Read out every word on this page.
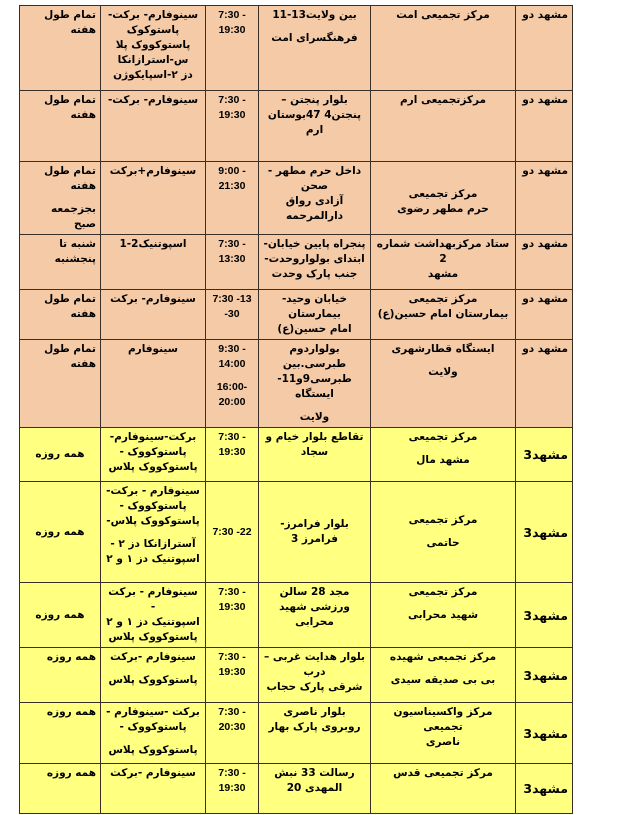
تمام طول
هفته	سینوفارم- برکت-
پاستوکوک
پاستوکووک پلا
س-استرازانکا
دز ۲-اسپایکوژن	7:30 -
19:30	بین ولایت13-11
فرهنگسرای امت	مرکز تجمیعی امت	مشهد دو

تمام طول
هفته	سینوفارم- برکت-	7:30 -
19:30	بلوار پنجتن –
پنجتن4 47بوستان
ارم	مرکزتجمیعی ارم	مشهد دو

تمام طول هفته
بجزجمعه
صبح	سینوفارم+برکت	9:00 -
21:30	داخل حرم مطهر -
صحن
آزادی رواق
دارالمرحمه	مرکز تجمیعی
حرم مطهر رضوی	مشهد دو

شنبه تا
پنجشنبه	اسپوتنیک2-1	7:30 -
13:30	پنجراه پایین خیابان-
ابتدای بولواروحدت-
جنب پارک وحدت	ستاد مرکزبهداشت شماره 2
مشهد	مشهد دو

تمام طول
هفته	سینوفارم- برکت	7:30 -13
-30	خیابان وحید-بیمارستان
امام حسین(ع)	مرکز تجمیعی
بیمارستان امام حسین(ع)	مشهد دو

تمام طول
هفته	سینوفارم	9:30 -
14:00
16:00-
20:00	بولواردوم طبرسی.بین
طبرسی9و11-
ایستگاه
ولایت	ایستگاه قطارشهری
ولایت	مشهد دو

همه روزه	برکت-سینوفارم-
پاستوکووک -
پاستوکووک پلاس	7:30 -
19:30	تقاطع بلوار خیام و
سجاد	مرکز تجمیعی
مشهد مال	مشهد3

همه روزه	سینوفارم - برکت-
پاستوکووک -
پاستوکووک پلاس-
آسترازانکا دز ۲ -
اسپوتنیک دز ۱ و ۲	7:30 -22	بلوار فرامرز-فرامرز 3	مرکز تجمیعی
حاتمی	مشهد3

همه روزه	سینوفارم - برکت -
اسپوتنیک دز ۱ و ۲
پاستوکووک پلاس	7:30 -
19:30	مجد 28 سالن
ورزشی شهید
محرابی	مرکز تجمیعی
شهید محرابی	مشهد3

همه روزه	سینوفارم -برکت
پاستوکووک پلاس	7:30 -
19:30	بلوار هدایت غربی –
درب
شرقی پارک حجاب	مرکز تجمیعی شهیده
بی بی صدیقه سیدی	مشهد3

همه روزه	برکت -سینوفارم -
پاستوکووک -
پاستوکووک پلاس	7:30 -
20:30	بلوار ناصری
روبروی پارک بهار	مرکز واکسیناسیون تجمیعی
ناصری	مشهد3

همه روزه	سینوفارم -برکت	7:30 -
19:30	رسالت 33 نبش
المهدی 20	مرکز تجمیعی قدس	مشهد3
